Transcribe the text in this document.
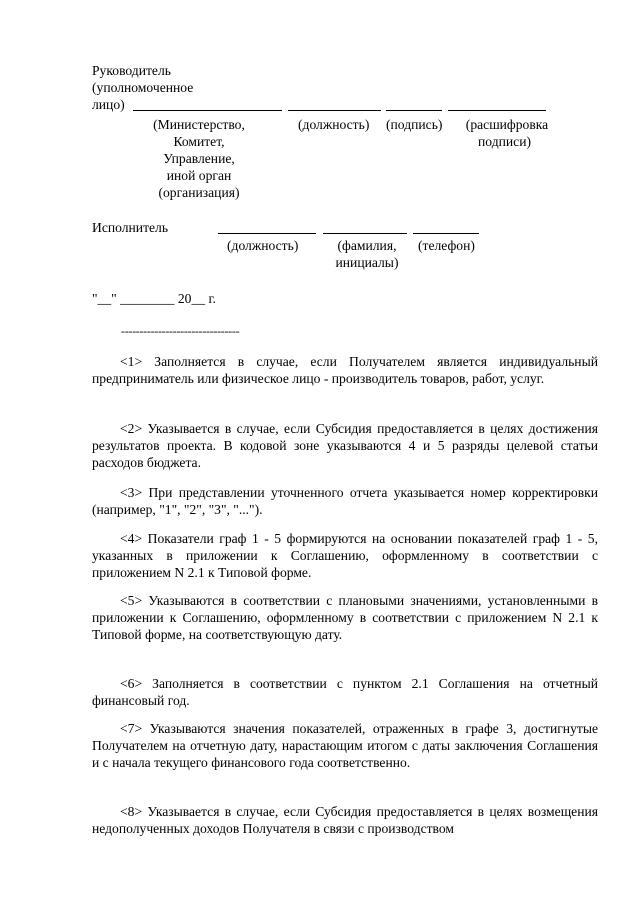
Руководитель
(уполномоченное
лицо)
(Министерство,
Комитет,
Управление,
иной орган
(организация)
(должность) (подпись)	(расшифровка
подписи)
Исполнитель
(должность)	(фамилия,
инициалы)
(телефон)
"__" ________ 20__ г.
--------------------------------
<1> Заполняется в случае, если Получателем является индивидуальный предприниматель или физическое лицо - производитель товаров, работ, услуг.
<2> Указывается в случае, если Субсидия предоставляется в целях достижения результатов проекта. В кодовой зоне указываются 4 и 5 разряды целевой статьи расходов бюджета.
<3> При представлении уточненного отчета указывается номер корректировки (например, "1", "2", "3", "...").
<4> Показатели граф 1 - 5 формируются на основании показателей граф 1 - 5, указанных в приложении к Соглашению, оформленному в соответствии с приложением N 2.1 к Типовой форме.
<5> Указываются в соответствии с плановыми значениями, установленными в приложении к Соглашению, оформленному в соответствии с приложением N 2.1 к Типовой форме, на соответствующую дату.
<6> Заполняется в соответствии с пунктом 2.1 Соглашения на отчетный финансовый год.
<7> Указываются значения показателей, отраженных в графе 3, достигнутые Получателем на отчетную дату, нарастающим итогом с даты заключения Соглашения и с начала текущего финансового года соответственно.
<8> Указывается в случае, если Субсидия предоставляется в целях возмещения недополученных доходов Получателя в связи с производством
